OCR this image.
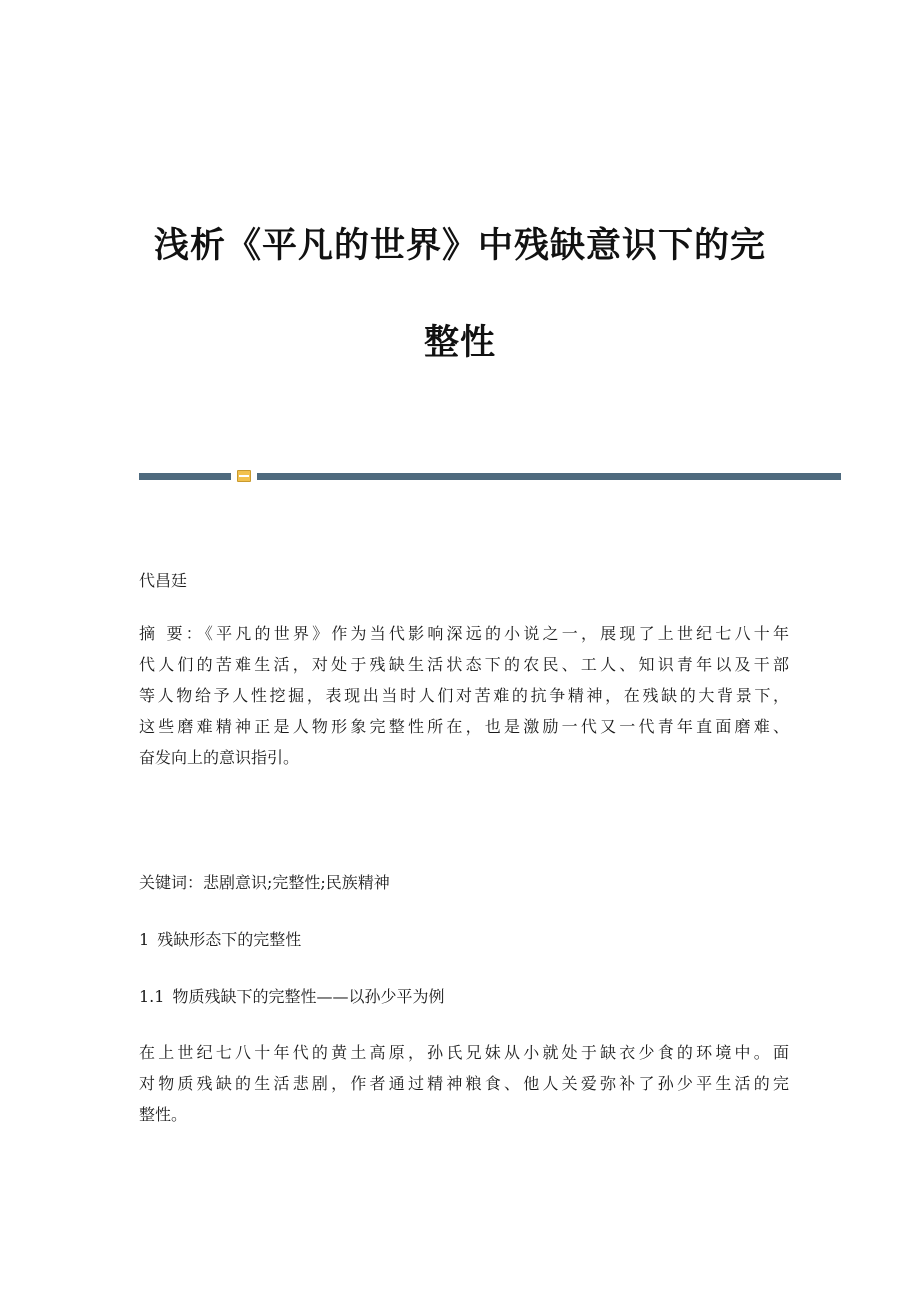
浅析《平凡的世界》中残缺意识下的完
整性

代昌廷

摘 要：《平凡的世界》作为当代影响深远的小说之一，展现了上世纪七八十年
代人们的苦难生活，对处于残缺生活状态下的农民、工人、知识青年以及干部
等人物给予人性挖掘，表现出当时人们对苦难的抗争精神，在残缺的大背景下，
这些磨难精神正是人物形象完整性所在，也是激励一代又一代青年直面磨难、
奋发向上的意识指引。

关键词：悲剧意识;完整性;民族精神

1 残缺形态下的完整性

1.1 物质残缺下的完整性——以孙少平为例

在上世纪七八十年代的黄土高原，孙氏兄妹从小就处于缺衣少食的环境中。面
对物质残缺的生活悲剧，作者通过精神粮食、他人关爱弥补了孙少平生活的完
整性。
